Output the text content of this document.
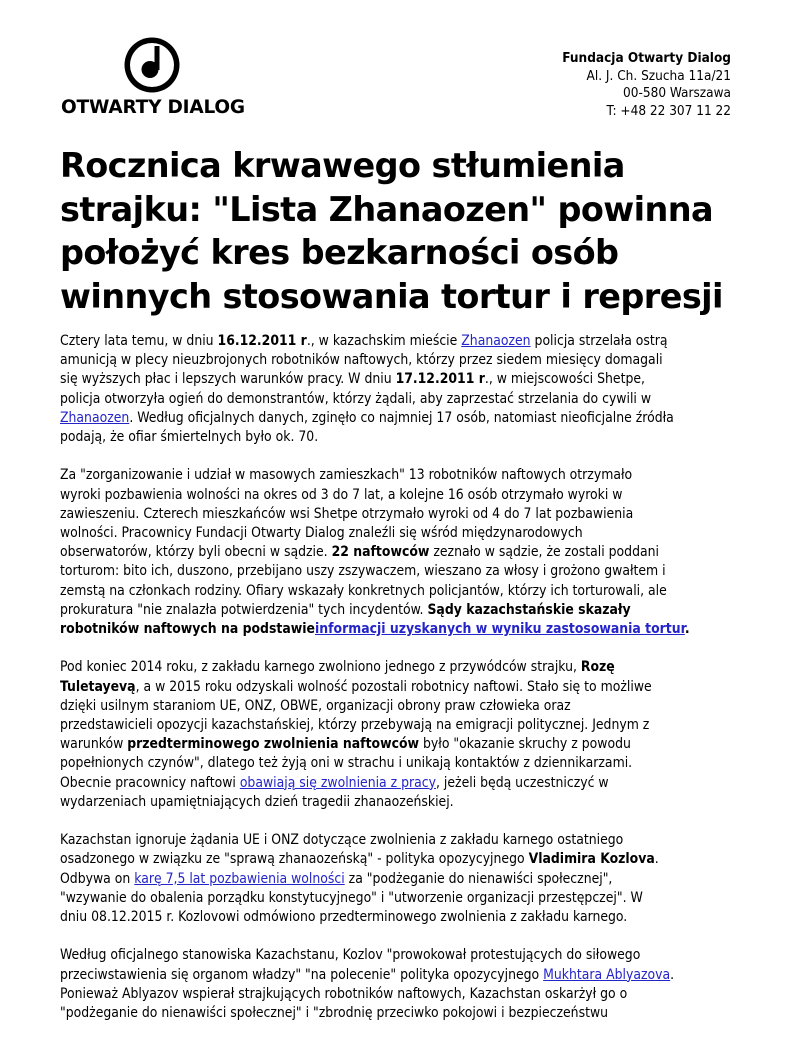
OTWARTY DIALOG
Fundacja Otwarty Dialog
Al. J. Ch. Szucha 11a/21
00-580 Warszawa
T: +48 22 307 11 22
Rocznica krwawego stłumienia
strajku: "Lista Zhanaozen" powinna
położyć kres bezkarności osób
winnych stosowania tortur i represji

Cztery lata temu, w dniu 16.12.2011 r., w kazachskim mieście Zhanaozen policja strzelała ostrą
amunicją w plecy nieuzbrojonych robotników naftowych, którzy przez siedem miesięcy domagali
się wyższych płac i lepszych warunków pracy. W dniu 17.12.2011 r., w miejscowości Shetpe,
policja otworzyła ogień do demonstrantów, którzy żądali, aby zaprzestać strzelania do cywili w
Zhanaozen. Według oficjalnych danych, zginęło co najmniej 17 osób, natomiast nieoficjalne źródła
podają, że ofiar śmiertelnych było ok. 70.

Za "zorganizowanie i udział w masowych zamieszkach" 13 robotników naftowych otrzymało
wyroki pozbawienia wolności na okres od 3 do 7 lat, a kolejne 16 osób otrzymało wyroki w
zawieszeniu. Czterech mieszkańców wsi Shetpe otrzymało wyroki od 4 do 7 lat pozbawienia
wolności. Pracownicy Fundacji Otwarty Dialog znaleźli się wśród międzynarodowych
obserwatorów, którzy byli obecni w sądzie. 22 naftowców zeznało w sądzie, że zostali poddani
torturom: bito ich, duszono, przebijano uszy zszywaczem, wieszano za włosy i grożono gwałtem i
zemstą na członkach rodziny. Ofiary wskazały konkretnych policjantów, którzy ich torturowali, ale
prokuratura "nie znalazła potwierdzenia" tych incydentów. Sądy kazachstańskie skazały
robotników naftowych na podstawieinformacji uzyskanych w wyniku zastosowania tortur.

Pod koniec 2014 roku, z zakładu karnego zwolniono jednego z przywódców strajku, Rozę
Tuletayevą, a w 2015 roku odzyskali wolność pozostali robotnicy naftowi. Stało się to możliwe
dzięki usilnym staraniom UE, ONZ, OBWE, organizacji obrony praw człowieka oraz
przedstawicieli opozycji kazachstańskiej, którzy przebywają na emigracji politycznej. Jednym z
warunków przedterminowego zwolnienia naftowców było "okazanie skruchy z powodu
popełnionych czynów", dlatego też żyją oni w strachu i unikają kontaktów z dziennikarzami.
Obecnie pracownicy naftowi obawiają się zwolnienia z pracy, jeżeli będą uczestniczyć w
wydarzeniach upamiętniających dzień tragedii zhanaozeńskiej.

Kazachstan ignoruje żądania UE i ONZ dotyczące zwolnienia z zakładu karnego ostatniego
osadzonego w związku ze "sprawą zhanaozeńską" - polityka opozycyjnego Vladimira Kozlova.
Odbywa on karę 7,5 lat pozbawienia wolności za "podżeganie do nienawiści społecznej",
"wzywanie do obalenia porządku konstytucyjnego" i "utworzenie organizacji przestępczej". W
dniu 08.12.2015 r. Kozlovowi odmówiono przedterminowego zwolnienia z zakładu karnego.

Według oficjalnego stanowiska Kazachstanu, Kozlov "prowokował protestujących do siłowego
przeciwstawienia się organom władzy" "na polecenie" polityka opozycyjnego Mukhtara Ablyazova.
Ponieważ Ablyazov wspierał strajkujących robotników naftowych, Kazachstan oskarżył go o
"podżeganie do nienawiści społecznej" i "zbrodnię przeciwko pokojowi i bezpieczeństwu
